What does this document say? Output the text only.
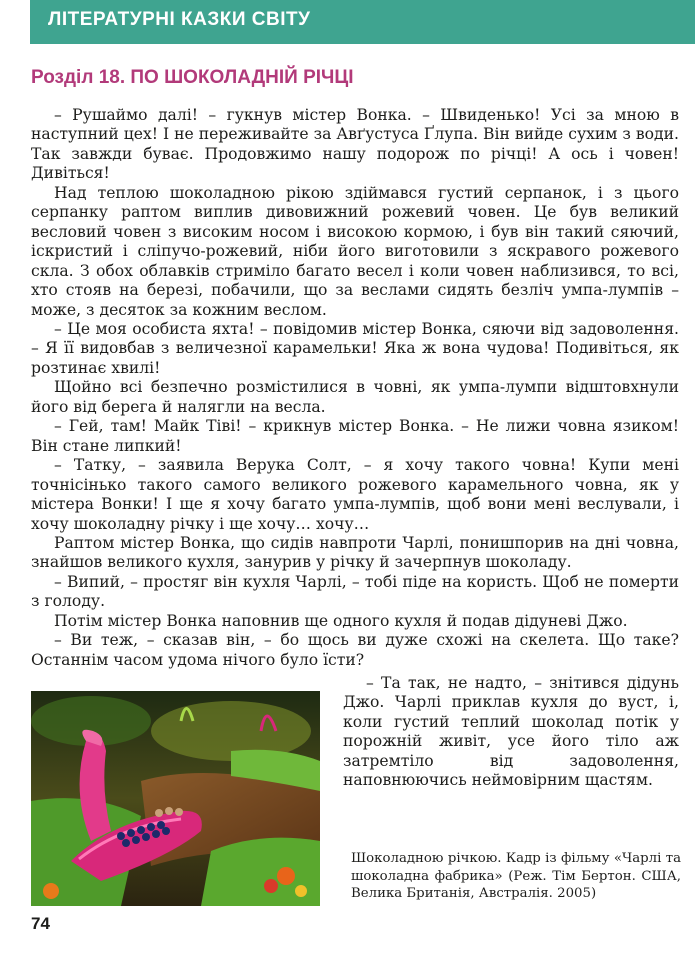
ЛІТЕРАТУРНІ КАЗКИ СВІТУ
Розділ 18. ПО ШОКОЛАДНІЙ РІЧЦІ

– Рушаймо далі! – гукнув містер Вонка. – Швиденько! Усі за мною в наступний цех! І не переживайте за Авґустуса Ґлупа. Він вийде сухим з води. Так завжди буває. Продовжимо нашу подорож по річці! А ось і човен! Дивіться!

Над теплою шоколадною рікою здіймався густий серпанок, і з цього серпанку раптом виплив дивовижний рожевий човен. Це був великий весловий човен з високим носом і високою кормою, і був він такий сяючий, іскристий і сліпучо-рожевий, ніби його виготовили з яскравого рожевого скла. З обох облавків стриміло багато весел і коли човен наблизився, то всі, хто стояв на березі, побачили, що за веслами сидять безліч умпа-лумпів – може, з десяток за кожним веслом.

– Це моя особиста яхта! – повідомив містер Вонка, сяючи від задоволення. – Я її видовбав з величезної карамельки! Яка ж вона чудова! Подивіться, як розтинає хвилі!

Щойно всі безпечно розмістилися в човні, як умпа-лумпи відштовхнули його від берега й налягли на весла.

– Гей, там! Майк Тіві! – крикнув містер Вонка. – Не лижи човна язиком! Він стане липкий!

– Татку, – заявила Верука Солт, – я хочу такого човна! Купи мені точнісінько такого самого великого рожевого карамельного човна, як у містера Вонки! І ще я хочу багато умпа-лумпів, щоб вони мені веслували, і хочу шоколадну річку і ще хочу… хочу…

Раптом містер Вонка, що сидів навпроти Чарлі, понишпорив на дні човна, знайшов великого кухля, занурив у річку й зачерпнув шоколаду.

– Випий, – простяг він кухля Чарлі, – тобі піде на користь. Щоб не померти з голоду.

Потім містер Вонка наповнив ще одного кухля й подав дідуневі Джо.

– Ви теж, – сказав він, – бо щось ви дуже схожі на скелета. Що таке? Останнім часом удома нічого було їсти?

– Та так, не надто, – знітився дідунь Джо. Чарлі приклав кухля до вуст, і, коли густий теплий шоколад потік у порожній живіт, усе його тіло аж затремтіло від задоволення, наповнюючись неймовірним щастям.

Шоколадною річкою. Кадр із фільму «Чарлі та шоколадна фабрика» (Реж. Тім Бертон. США, Велика Британія, Австралія. 2005)
74
